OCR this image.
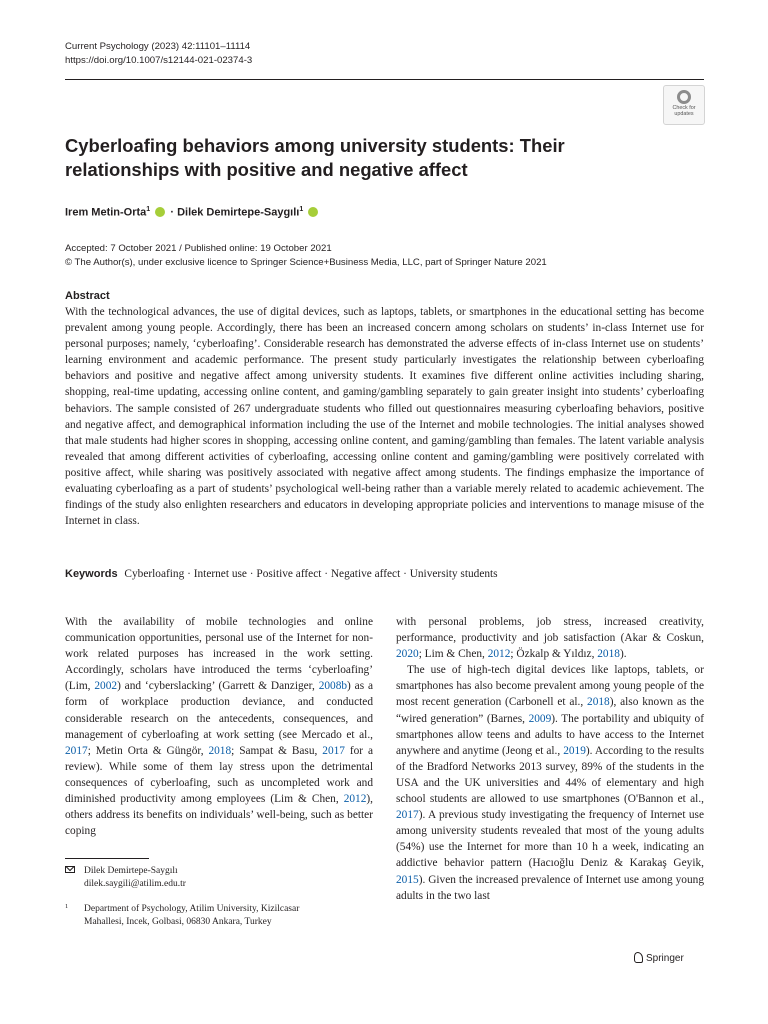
Current Psychology (2023) 42:11101–11114
https://doi.org/10.1007/s12144-021-02374-3
Check for
updates
Cyberloafing behaviors among university students: Their relationships with positive and negative affect
Irem Metin-Orta$^1$ · Dilek Demirtepe-Saygılı$^1$
Accepted: 7 October 2021 / Published online: 19 October 2021
© The Author(s), under exclusive licence to Springer Science+Business Media, LLC, part of Springer Nature 2021
Abstract

With the technological advances, the use of digital devices, such as laptops, tablets, or smartphones in the educational setting has become prevalent among young people. Accordingly, there has been an increased concern among scholars on students’ in-class Internet use for personal purposes; namely, ‘cyberloafing’. Considerable research has demonstrated the adverse effects of in-class Internet use on students’ learning environment and academic performance. The present study particularly investigates the relationship between cyberloafing behaviors and positive and negative affect among university students. It examines five different online activities including sharing, shopping, real-time updating, accessing online content, and gaming/gambling separately to gain greater insight into students’ cyberloafing behaviors. The sample consisted of 267 undergraduate students who filled out questionnaires measuring cyberloafing behaviors, positive and negative affect, and demographical information including the use of the Internet and mobile technologies. The initial analyses showed that male students had higher scores in shopping, accessing online content, and gaming/gambling than females. The latent variable analysis revealed that among different activities of cyberloafing, accessing online content and gaming/gambling were positively correlated with positive affect, while sharing was positively associated with negative affect among students. The findings emphasize the importance of evaluating cyberloafing as a part of students’ psychological well-being rather than a variable merely related to academic achievement. The findings of the study also enlighten researchers and educators in developing appropriate policies and interventions to manage misuse of the Internet in class.

Keywords Cyberloafing · Internet use · Positive affect · Negative affect · University students

With the availability of mobile technologies and online communication opportunities, personal use of the Internet for non-work related purposes has increased in the work setting. Accordingly, scholars have introduced the terms ‘cyberloafing’ (Lim, 2002) and ‘cyberslacking’ (Garrett & Danziger, 2008b) as a form of workplace production deviance, and conducted considerable research on the antecedents, consequences, and management of cyberloafing at work setting (see Mercado et al., 2017; Metin Orta & Güngör, 2018; Sampat & Basu, 2017 for a review). While some of them lay stress upon the detrimental consequences of cyberloafing, such as uncompleted work and diminished productivity among employees (Lim & Chen, 2012), others address its benefits on individuals’ well-being, such as better coping

with personal problems, job stress, increased creativity, performance, productivity and job satisfaction (Akar & Coskun, 2020; Lim & Chen, 2012; Özkalp & Yıldız, 2018).

The use of high-tech digital devices like laptops, tablets, or smartphones has also become prevalent among young people of the most recent generation (Carbonell et al., 2018), also known as the “wired generation” (Barnes, 2009). The portability and ubiquity of smartphones allow teens and adults to have access to the Internet anywhere and anytime (Jeong et al., 2019). According to the results of the Bradford Networks 2013 survey, 89% of the students in the USA and the UK universities and 44% of elementary and high school students are allowed to use smartphones (O'Bannon et al., 2017). A previous study investigating the frequency of Internet use among university students revealed that most of the young adults (54%) use the Internet for more than 10 h a week, indicating an addictive behavior pattern (Hacıoğlu Deniz & Karakaş Geyik, 2015). Given the increased prevalence of Internet use among young adults in the two last

Dilek Demirtepe-Saygılı
dilek.saygili@atilim.edu.tr
1 Department of Psychology, Atilim University, Kizilcasar
Mahallesi, Incek, Golbasi, 06830 Ankara, Turkey
Springer
